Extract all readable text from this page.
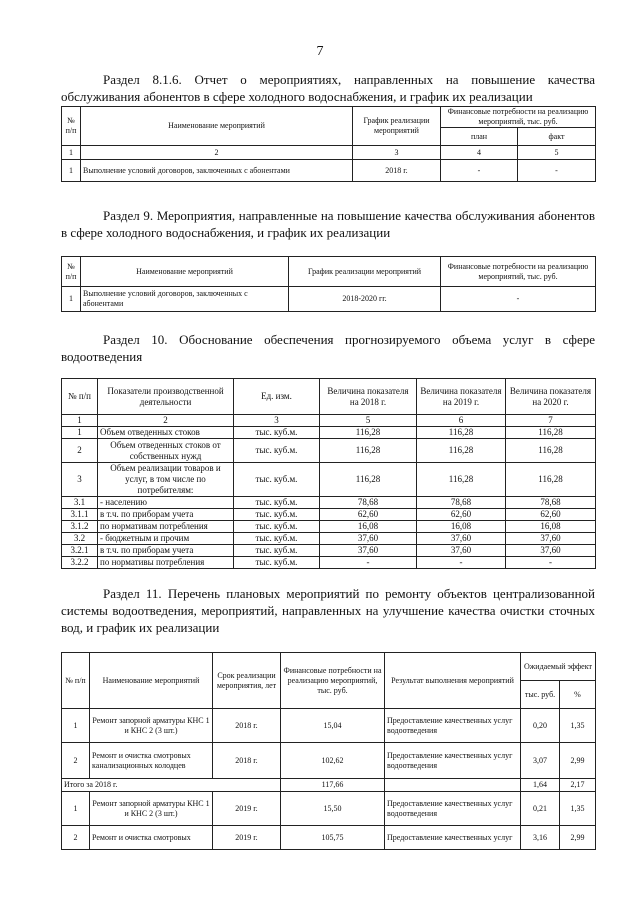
7

Раздел 8.1.6. Отчет о мероприятиях, направленных на повышение качества обслуживания абонентов в сфере холодного водоснабжения, и график их реализации

№ п/п	Наименование мероприятий	График реализации мероприятий	Финансовые потребности на реализацию мероприятий, тыс. руб.	
			план	факт
1	2	3	4	5
1	Выполнение условий договоров, заключенных с абонентами	2018 г.	-	-

Раздел 9. Мероприятия, направленные на повышение качества обслуживания абонентов в сфере холодного водоснабжения, и график их реализации

№ п/п	Наименование мероприятий	График реализации мероприятий	Финансовые потребности на реализацию мероприятий, тыс. руб.
1	Выполнение условий договоров, заключенных с абонентами	2018-2020 гг.	-

Раздел 10. Обоснование обеспечения прогнозируемого объема услуг в сфере водоотведения

№ п/п	Показатели производственной деятельности	Ед. изм.	Величина показателя на 2018 г.	Величина показателя на 2019 г.	Величина показателя на 2020 г.
1	2	3	5	6	7
1	Объем отведенных стоков	тыс. куб.м.	116,28	116,28	116,28
2	Объем отведенных стоков от собственных нужд	тыс. куб.м.	116,28	116,28	116,28
3	Объем реализации товаров и услуг, в том числе по потребителям:	тыс. куб.м.	116,28	116,28	116,28
3.1	- населению	тыс. куб.м.	78,68	78,68	78,68
3.1.1	в т.ч. по приборам учета	тыс. куб.м.	62,60	62,60	62,60
3.1.2	по нормативам потребления	тыс. куб.м.	16,08	16,08	16,08
3.2	- бюджетным и прочим	тыс. куб.м.	37,60	37,60	37,60
3.2.1	в т.ч. по приборам учета	тыс. куб.м.	37,60	37,60	37,60
3.2.2	по нормативы потребления	тыс. куб.м.	-	-	-

Раздел 11. Перечень плановых мероприятий по ремонту объектов централизованной системы водоотведения, мероприятий, направленных на улучшение качества очистки сточных вод, и график их реализации

№ п/п	Наименование мероприятий	Срок реализации мероприятия, лет	Финансовые потребности на реализацию мероприятий, тыс. руб.	Результат выполнения мероприятий	Ожидаемый эффект	
					тыс. руб.	%
1	Ремонт запорной арматуры КНС 1 и КНС 2 (3 шт.)	2018 г.	15,04	Предоставление качественных услуг водоотведения	0,20	1,35
2	Ремонт и очистка смотровых канализационных колодцев	2018 г.	102,62	Предоставление качественных услуг водоотведения	3,07	2,99
Итого за 2018 г.			117,66		1,64	2,17
1	Ремонт запорной арматуры КНС 1 и КНС 2 (3 шт.)	2019 г.	15,50	Предоставление качественных услуг водоотведения	0,21	1,35
2	Ремонт и очистка смотровых	2019 г.	105,75	Предоставление качественных услуг	3,16	2,99
